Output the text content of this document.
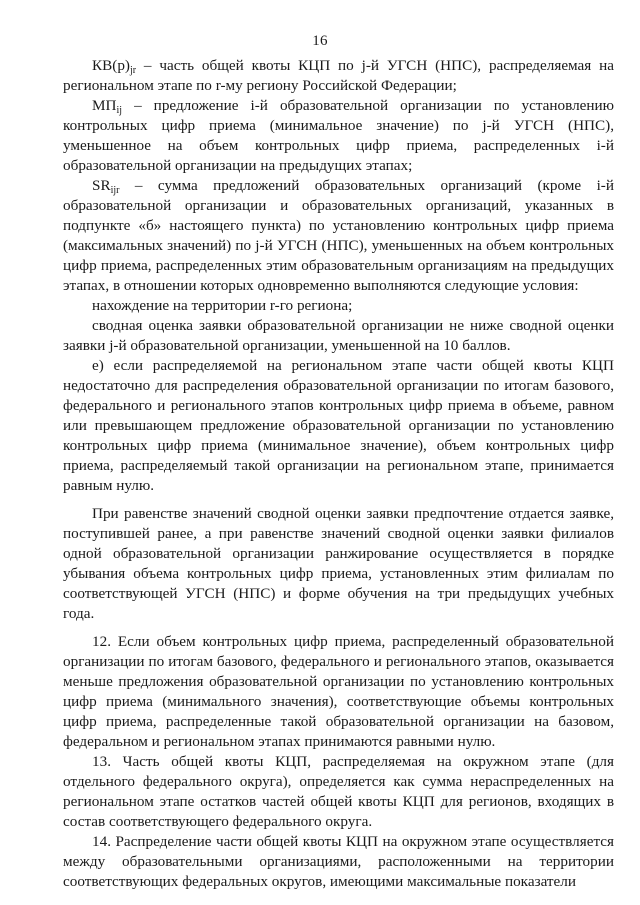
16

$КВ(р)_{jr}$ – часть общей квоты КЦП по j-й УГСН (НПС), распределяемая на региональном этапе по r-му региону Российской Федерации;

$МП_{ij}$ – предложение i-й образовательной организации по установлению контрольных цифр приема (минимальное значение) по j-й УГСН (НПС), уменьшенное на объем контрольных цифр приема, распределенных i-й образовательной организации на предыдущих этапах;

$SR_{ijr}$ – сумма предложений образовательных организаций (кроме i-й образовательной организации и образовательных организаций, указанных в подпункте «б» настоящего пункта) по установлению контрольных цифр приема (максимальных значений) по j-й УГСН (НПС), уменьшенных на объем контрольных цифр приема, распределенных этим образовательным организациям на предыдущих этапах, в отношении которых одновременно выполняются следующие условия:

нахождение на территории r-го региона;

сводная оценка заявки образовательной организации не ниже сводной оценки заявки j-й образовательной организации, уменьшенной на 10 баллов.

е) если распределяемой на региональном этапе части общей квоты КЦП недостаточно для распределения образовательной организации по итогам базового, федерального и регионального этапов контрольных цифр приема в объеме, равном или превышающем предложение образовательной организации по установлению контрольных цифр приема (минимальное значение), объем контрольных цифр приема, распределяемый такой организации на региональном этапе, принимается равным нулю.

При равенстве значений сводной оценки заявки предпочтение отдается заявке, поступившей ранее, а при равенстве значений сводной оценки заявки филиалов одной образовательной организации ранжирование осуществляется в порядке убывания объема контрольных цифр приема, установленных этим филиалам по соответствующей УГСН (НПС) и форме обучения на три предыдущих учебных года.

12. Если объем контрольных цифр приема, распределенный образовательной организации по итогам базового, федерального и регионального этапов, оказывается меньше предложения образовательной организации по установлению контрольных цифр приема (минимального значения), соответствующие объемы контрольных цифр приема, распределенные такой образовательной организации на базовом, федеральном и региональном этапах принимаются равными нулю.

13. Часть общей квоты КЦП, распределяемая на окружном этапе (для отдельного федерального округа), определяется как сумма нераспределенных на региональном этапе остатков частей общей квоты КЦП для регионов, входящих в состав соответствующего федерального округа.

14. Распределение части общей квоты КЦП на окружном этапе осуществляется между образовательными организациями, расположенными на территории соответствующих федеральных округов, имеющими максимальные показатели
